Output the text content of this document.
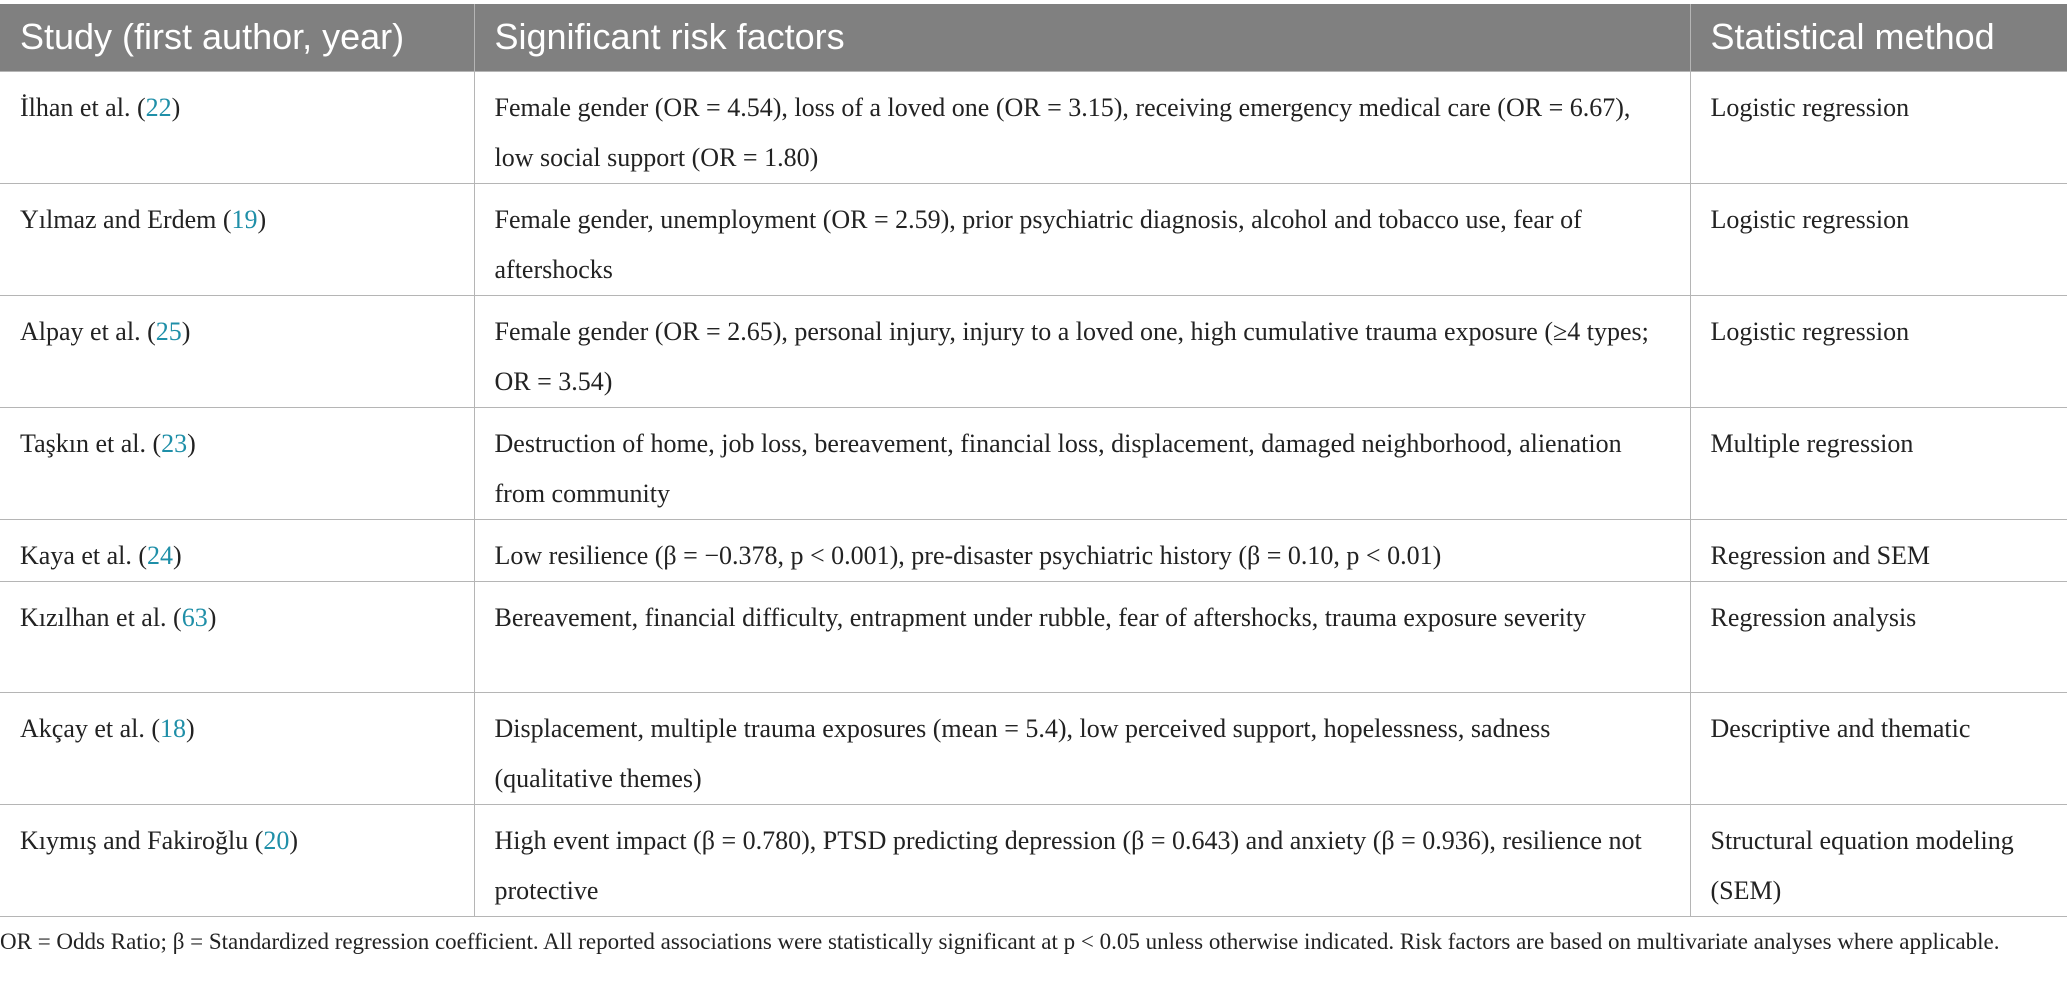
Study (first author, year)	Significant risk factors	Statistical method
İlhan et al. (22)	Female gender (OR = 4.54), loss of a loved one (OR = 3.15), receiving emergency medical care (OR = 6.67), low social support (OR = 1.80)	Logistic regression
Yılmaz and Erdem (19)	Female gender, unemployment (OR = 2.59), prior psychiatric diagnosis, alcohol and tobacco use, fear of aftershocks	Logistic regression
Alpay et al. (25)	Female gender (OR = 2.65), personal injury, injury to a loved one, high cumulative trauma exposure (≥4 types; OR = 3.54)	Logistic regression
Taşkın et al. (23)	Destruction of home, job loss, bereavement, financial loss, displacement, damaged neighborhood, alienation from community	Multiple regression
Kaya et al. (24)	Low resilience (β = −0.378, p < 0.001), pre-disaster psychiatric history (β = 0.10, p < 0.01)	Regression and SEM
Kızılhan et al. (63)	Bereavement, financial difficulty, entrapment under rubble, fear of aftershocks, trauma exposure severity	Regression analysis
Akçay et al. (18)	Displacement, multiple trauma exposures (mean = 5.4), low perceived support, hopelessness, sadness (qualitative themes)	Descriptive and thematic
Kıymış and Fakiroğlu (20)	High event impact (β = 0.780), PTSD predicting depression (β = 0.643) and anxiety (β = 0.936), resilience not protective	Structural equation modeling (SEM)

OR = Odds Ratio; β = Standardized regression coefficient. All reported associations were statistically significant at p < 0.05 unless otherwise indicated. Risk factors are based on multivariate analyses where applicable.
